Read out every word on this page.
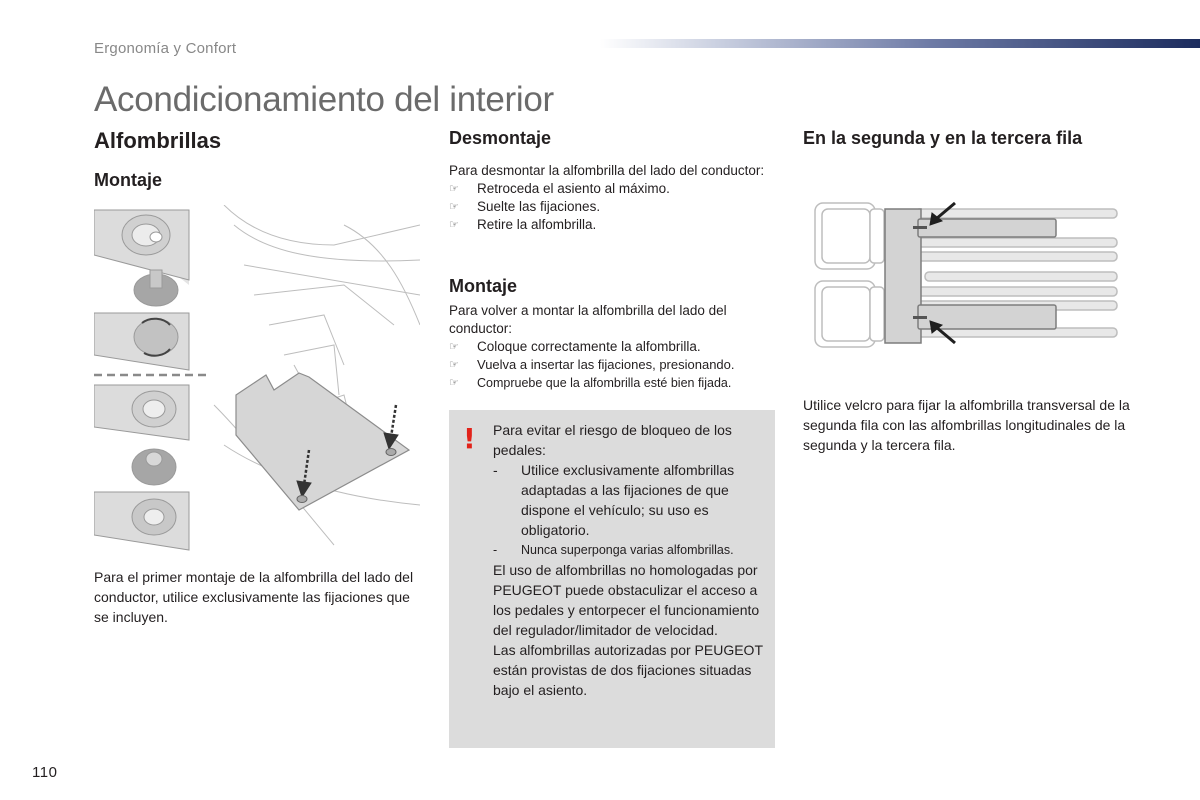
Ergonomía y Confort
Acondicionamiento del interior
Alfombrillas
Montaje

Para el primer montaje de la alfombrilla del lado del conductor, utilice exclusivamente las fijaciones que se incluyen.

Desmontaje

Para desmontar la alfombrilla del lado del conductor:

☞ Retroceda el asiento al máximo.
☞ Suelte las fijaciones.
☞ Retire la alfombrilla.
Montaje

Para volver a montar la alfombrilla del lado del conductor:

☞ Coloque correctamente la alfombrilla.
☞ Vuelva a insertar las fijaciones, presionando.
☞ Compruebe que la alfombrilla esté bien fijada.
! Para evitar el riesgo de bloqueo de los pedales:

- Utilice exclusivamente alfombrillas adaptadas a las fijaciones de que dispone el vehículo; su uso es obligatorio.
- Nunca superponga varias alfombrillas.

El uso de alfombrillas no homologadas por PEUGEOT puede obstaculizar el acceso a los pedales y entorpecer el funcionamiento del regulador/limitador de velocidad.

Las alfombrillas autorizadas por PEUGEOT están provistas de dos fijaciones situadas bajo el asiento.

En la segunda y en la tercera fila

Utilice velcro para fijar la alfombrilla transversal de la segunda fila con las alfombrillas longitudinales de la segunda y la tercera fila.

110
